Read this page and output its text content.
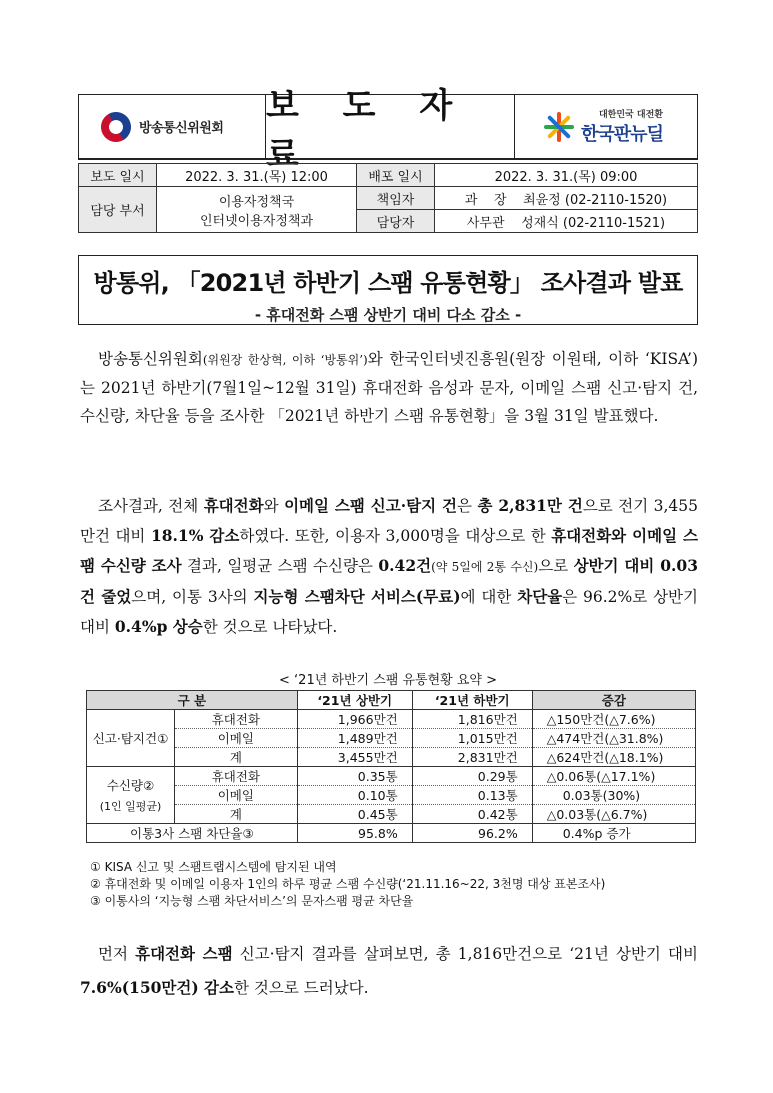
방송통신위원회
보 도 자 료
대한민국 대전환
한국판뉴딜
보도 일시	2022. 3. 31.(목) 12:00	배포 일시	2022. 3. 31.(목) 09:00
담당 부서	이용자정책국
인터넷이용자정책과	책임자	과    장    최윤정 (02-2110-1520)
		담당자	사무관    성재식 (02-2110-1521)
방통위, 「2021년 하반기 스팸 유통현황」 조사결과 발표
- 휴대전화 스팸 상반기 대비 다소 감소 -
방송통신위원회(위원장 한상혁, 이하 ‘방통위’)와 한국인터넷진흥원(원장 이원태, 이하 ‘KISA’)는 2021년 하반기(7월1일~12월 31일) 휴대전화 음성과 문자, 이메일 스팸 신고·탐지 건, 수신량, 차단율 등을 조사한 「2021년 하반기 스팸 유통현황」을 3월 31일 발표했다.
조사결과, 전체 휴대전화와 이메일 스팸 신고·탐지 건은 총 2,831만 건으로 전기 3,455만건 대비 18.1% 감소하였다. 또한, 이용자 3,000명을 대상으로 한 휴대전화와 이메일 스팸 수신량 조사 결과, 일평균 스팸 수신량은 0.42건(약 5일에 2통 수신)으로 상반기 대비 0.03건 줄었으며, 이통 3사의 지능형 스팸차단 서비스(무료)에 대한 차단율은 96.2%로 상반기 대비 0.4%p 상승한 것으로 나타났다.
< ‘21년 하반기 스팸 유통현황 요약 >
구 분		‘21년 상반기	‘21년 하반기	증감
신고·탐지건①	휴대전화	1,966만건	1,816만건	△150만건(△7.6%)
	이메일	1,489만건	1,015만건	△474만건(△31.8%)
	계	3,455만건	2,831만건	△624만건(△18.1%)

수신량②
(1인 일평균)	휴대전화	0.35통	0.29통	△0.06통(△17.1%)
	이메일	0.10통	0.13통	0.03통(30%)
	계	0.45통	0.42통	△0.03통(△6.7%)
이통3사 스팸 차단율③		95.8%	96.2%	0.4%p 증가
① KISA 신고 및 스팸트랩시스템에 탐지된 내역
② 휴대전화 및 이메일 이용자 1인의 하루 평균 스팸 수신량(‘21.11.16~22, 3천명 대상 표본조사)
③ 이통사의 ‘지능형 스팸 차단서비스’의 문자스팸 평균 차단율
먼저 휴대전화 스팸 신고·탐지 결과를 살펴보면, 총 1,816만건으로 ‘21년 상반기 대비 7.6%(150만건) 감소한 것으로 드러났다.
